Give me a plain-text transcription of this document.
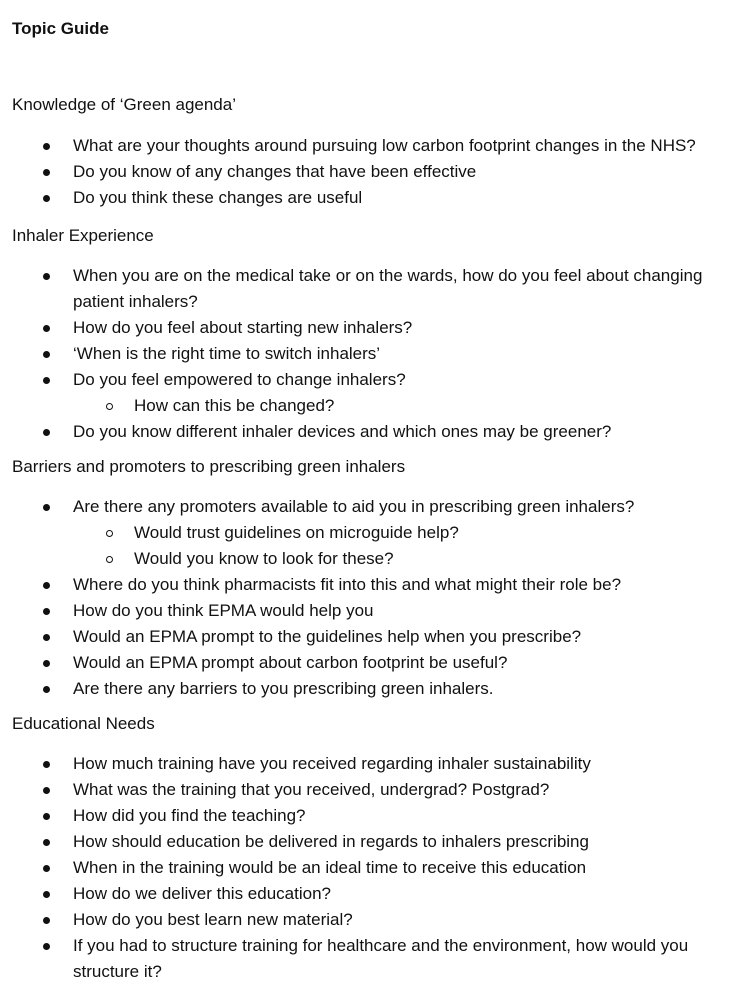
Topic Guide
Knowledge of ‘Green agenda’
What are your thoughts around pursuing low carbon footprint changes in the NHS?
Do you know of any changes that have been effective
Do you think these changes are useful
Inhaler Experience
When you are on the medical take or on the wards, how do you feel about changing patient inhalers?
How do you feel about starting new inhalers?
‘When is the right time to switch inhalers’
Do you feel empowered to change inhalers?
How can this be changed?
Do you know different inhaler devices and which ones may be greener?
Barriers and promoters to prescribing green inhalers
Are there any promoters available to aid you in prescribing green inhalers?
Would trust guidelines on microguide help?
Would you know to look for these?
Where do you think pharmacists fit into this and what might their role be?
How do you think EPMA would help you
Would an EPMA prompt to the guidelines help when you prescribe?
Would an EPMA prompt about carbon footprint be useful?
Are there any barriers to you prescribing green inhalers.
Educational Needs
How much training have you received regarding inhaler sustainability
What was the training that you received, undergrad? Postgrad?
How did you find the teaching?
How should education be delivered in regards to inhalers prescribing
When in the training would be an ideal time to receive this education
How do we deliver this education?
How do you best learn new material?
If you had to structure training for healthcare and the environment, how would you structure it?
